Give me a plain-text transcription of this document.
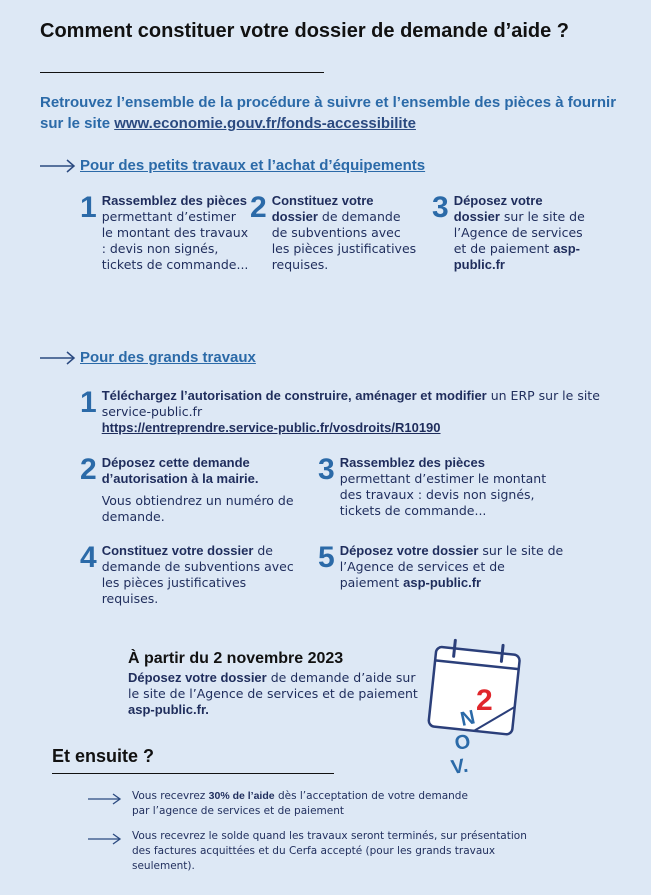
Comment constituer votre dossier de demande d’aide ?
Retrouvez l’ensemble de la procédure à suivre et l’ensemble des pièces à fournir sur le site www.economie.gouv.fr/fonds-accessibilite
Pour des petits travaux et l’achat d’équipements
1 Rassemblez des pièces permettant d’estimer le montant des travaux : devis non signés, tickets de commande...
2 Constituez votre dossier de demande de subventions avec les pièces justificatives requises.
3 Déposez votre dossier sur le site de l’Agence de services et de paiement asp-public.fr
Pour des grands travaux
1 Téléchargez l’autorisation de construire, aménager et modifier un ERP sur le site service-public.fr
https://entreprendre.service-public.fr/vosdroits/R10190
2 Déposez cette demande d’autorisation à la mairie.

Vous obtiendrez un numéro de demande.
3 Rassemblez des pièces permettant d’estimer le montant des travaux : devis non signés, tickets de commande...
4 Constituez votre dossier de demande de subventions avec les pièces justificatives requises.
5 Déposez votre dossier sur le site de l’Agence de services et de paiement asp-public.fr
À partir du 2 novembre 2023
Déposez votre dossier de demande d’aide sur le site de l’Agence de services et de paiement asp-public.fr.	2
N
O
V.
Et ensuite ?
Vous recevrez 30% de l’aide dès l’acceptation de votre demande par l’agence de services et de paiement
Vous recevrez le solde quand les travaux seront terminés, sur présentation des factures acquittées et du Cerfa accepté (pour les grands travaux seulement).
